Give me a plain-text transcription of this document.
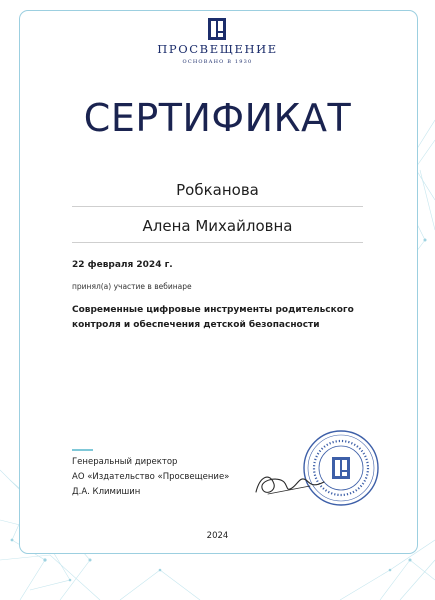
ПРОСВЕЩЕНИЕ
ОСНОВАНО В 1930
СЕРТИФИКАТ
Робканова
Алена Михайловна
22 февраля 2024 г.
принял(а) участие в вебинаре
Современные цифровые инструменты родительского контроля и обеспечения детской безопасности
Генеральный директор
АО «Издательство «Просвещение»
Д.А. Климишин
2024
